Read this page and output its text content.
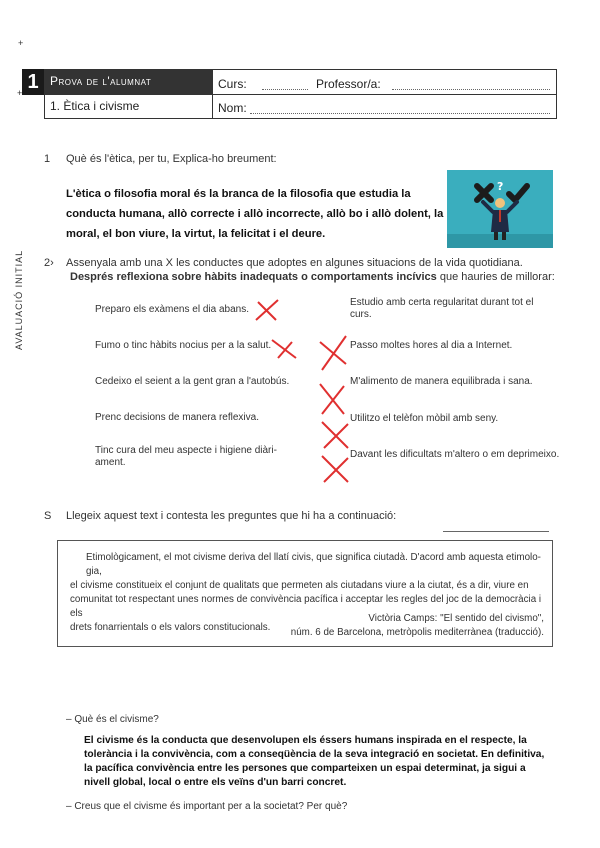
+
+ 1 Prova de l'alumnat
1. Ètica i civisme
Curs:	Professor/a:
Nom:
AVALUACIÓ INITIAL
1 Què és l'ètica, per tu, Explica-ho breument:
L'ètica o filosofia moral és la branca de la filosofia que estudia la
conducta humana, allò correcte i allò incorrecte, allò bo i allò dolent, la
moral, el bon viure, la virtut, la felicitat i el deure.
?
2› Assenyala amb una X les conductes que adoptes en algunes situacions de la vida quotidiana.
Després reflexiona sobre hàbits inadequats o comportaments incívics que hauries de millorar:
Preparo els exàmens el dia abans.
Fumo o tinc hàbits nocius per a la salut.
Cedeixo el seient a la gent gran a l'autobús.
Prenc decisions de manera reflexiva.
Tinc cura del meu aspecte i higiene diàri-
ament.
Estudio amb certa regularitat durant tot el
curs.
Passo moltes hores al dia a Internet.
M'alimento de manera equilibrada i sana.
Utilitzo el telèfon mòbil amb seny.
Davant les dificultats m'altero o em deprimeixo.
S Llegeix aquest text i contesta les preguntes que hi ha a continuació:
Etimològicament, el mot civisme deriva del llatí civis, que significa ciutadà. D'acord amb aquesta etimolo-gia,
el civisme constitueix el conjunt de qualitats que permeten als ciutadans viure a la ciutat, és a dir, viure en
comunitat tot respectant unes normes de convivència pacífica i acceptar les regles del joc de la democràcia i els
drets fonarrientals o els valors constitucionals.
Victòria Camps: "El sentido del civismo",
núm. 6 de Barcelona, metròpolis mediterrànea (traducció).
– Què és el civisme?
El civisme és la conducta que desenvolupen els éssers humans inspirada en el respecte, la
tolerància i la convivència, com a conseqüència de la seva integració en societat. En definitiva,
la pacífica convivència entre les persones que comparteixen un espai determinat, ja sigui a
nivell global, local o entre els veïns d'un barri concret.
– Creus que el civisme és important per a la societat? Per què?
